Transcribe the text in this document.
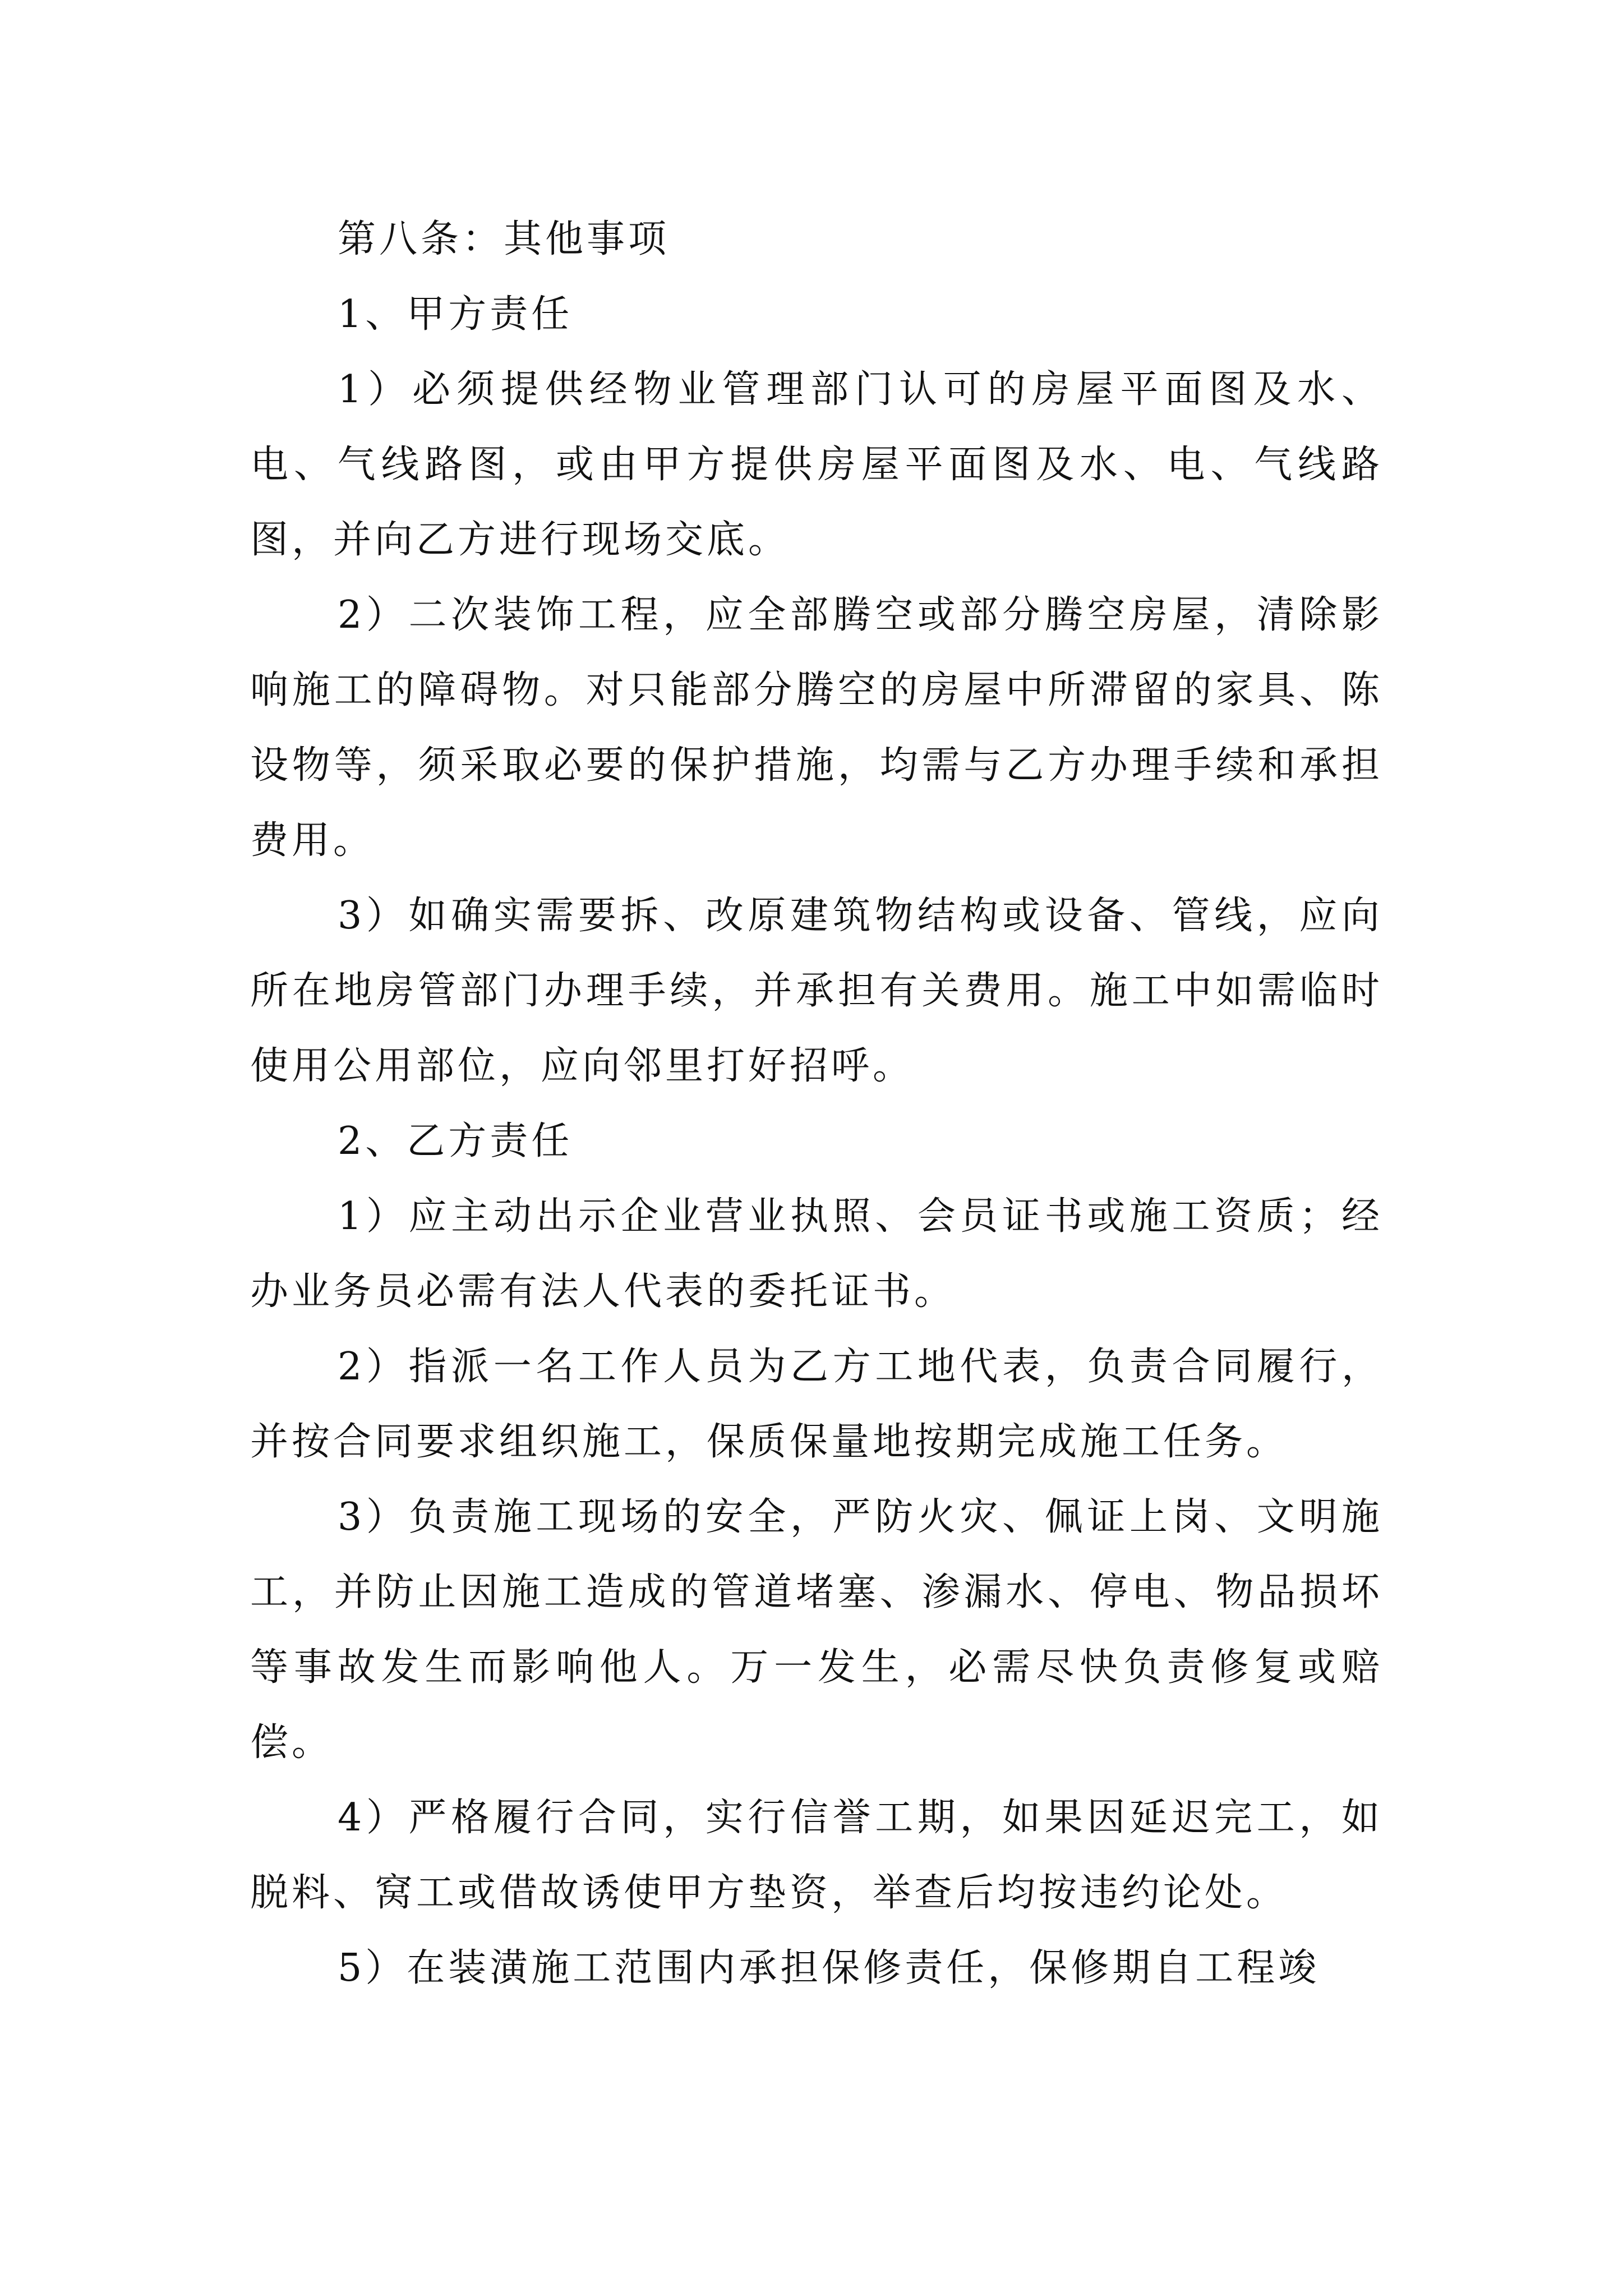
第八条：其他事项

1、甲方责任

1）必须提供经物业管理部门认可的房屋平面图及水、电、气线路图，或由甲方提供房屋平面图及水、电、气线路图，并向乙方进行现场交底。

2）二次装饰工程，应全部腾空或部分腾空房屋，清除影响施工的障碍物。对只能部分腾空的房屋中所滞留的家具、陈设物等，须采取必要的保护措施，均需与乙方办理手续和承担费用。

3）如确实需要拆、改原建筑物结构或设备、管线，应向所在地房管部门办理手续，并承担有关费用。施工中如需临时使用公用部位，应向邻里打好招呼。

2、乙方责任

1）应主动出示企业营业执照、会员证书或施工资质；经办业务员必需有法人代表的委托证书。

2）指派一名工作人员为乙方工地代表，负责合同履行，并按合同要求组织施工，保质保量地按期完成施工任务。

3）负责施工现场的安全，严防火灾、佩证上岗、文明施工，并防止因施工造成的管道堵塞、渗漏水、停电、物品损坏等事故发生而影响他人。万一发生，必需尽快负责修复或赔偿。

4）严格履行合同，实行信誉工期，如果因延迟完工，如脱料、窝工或借故诱使甲方垫资，举查后均按违约论处。

5）在装潢施工范围内承担保修责任，保修期自工程竣
